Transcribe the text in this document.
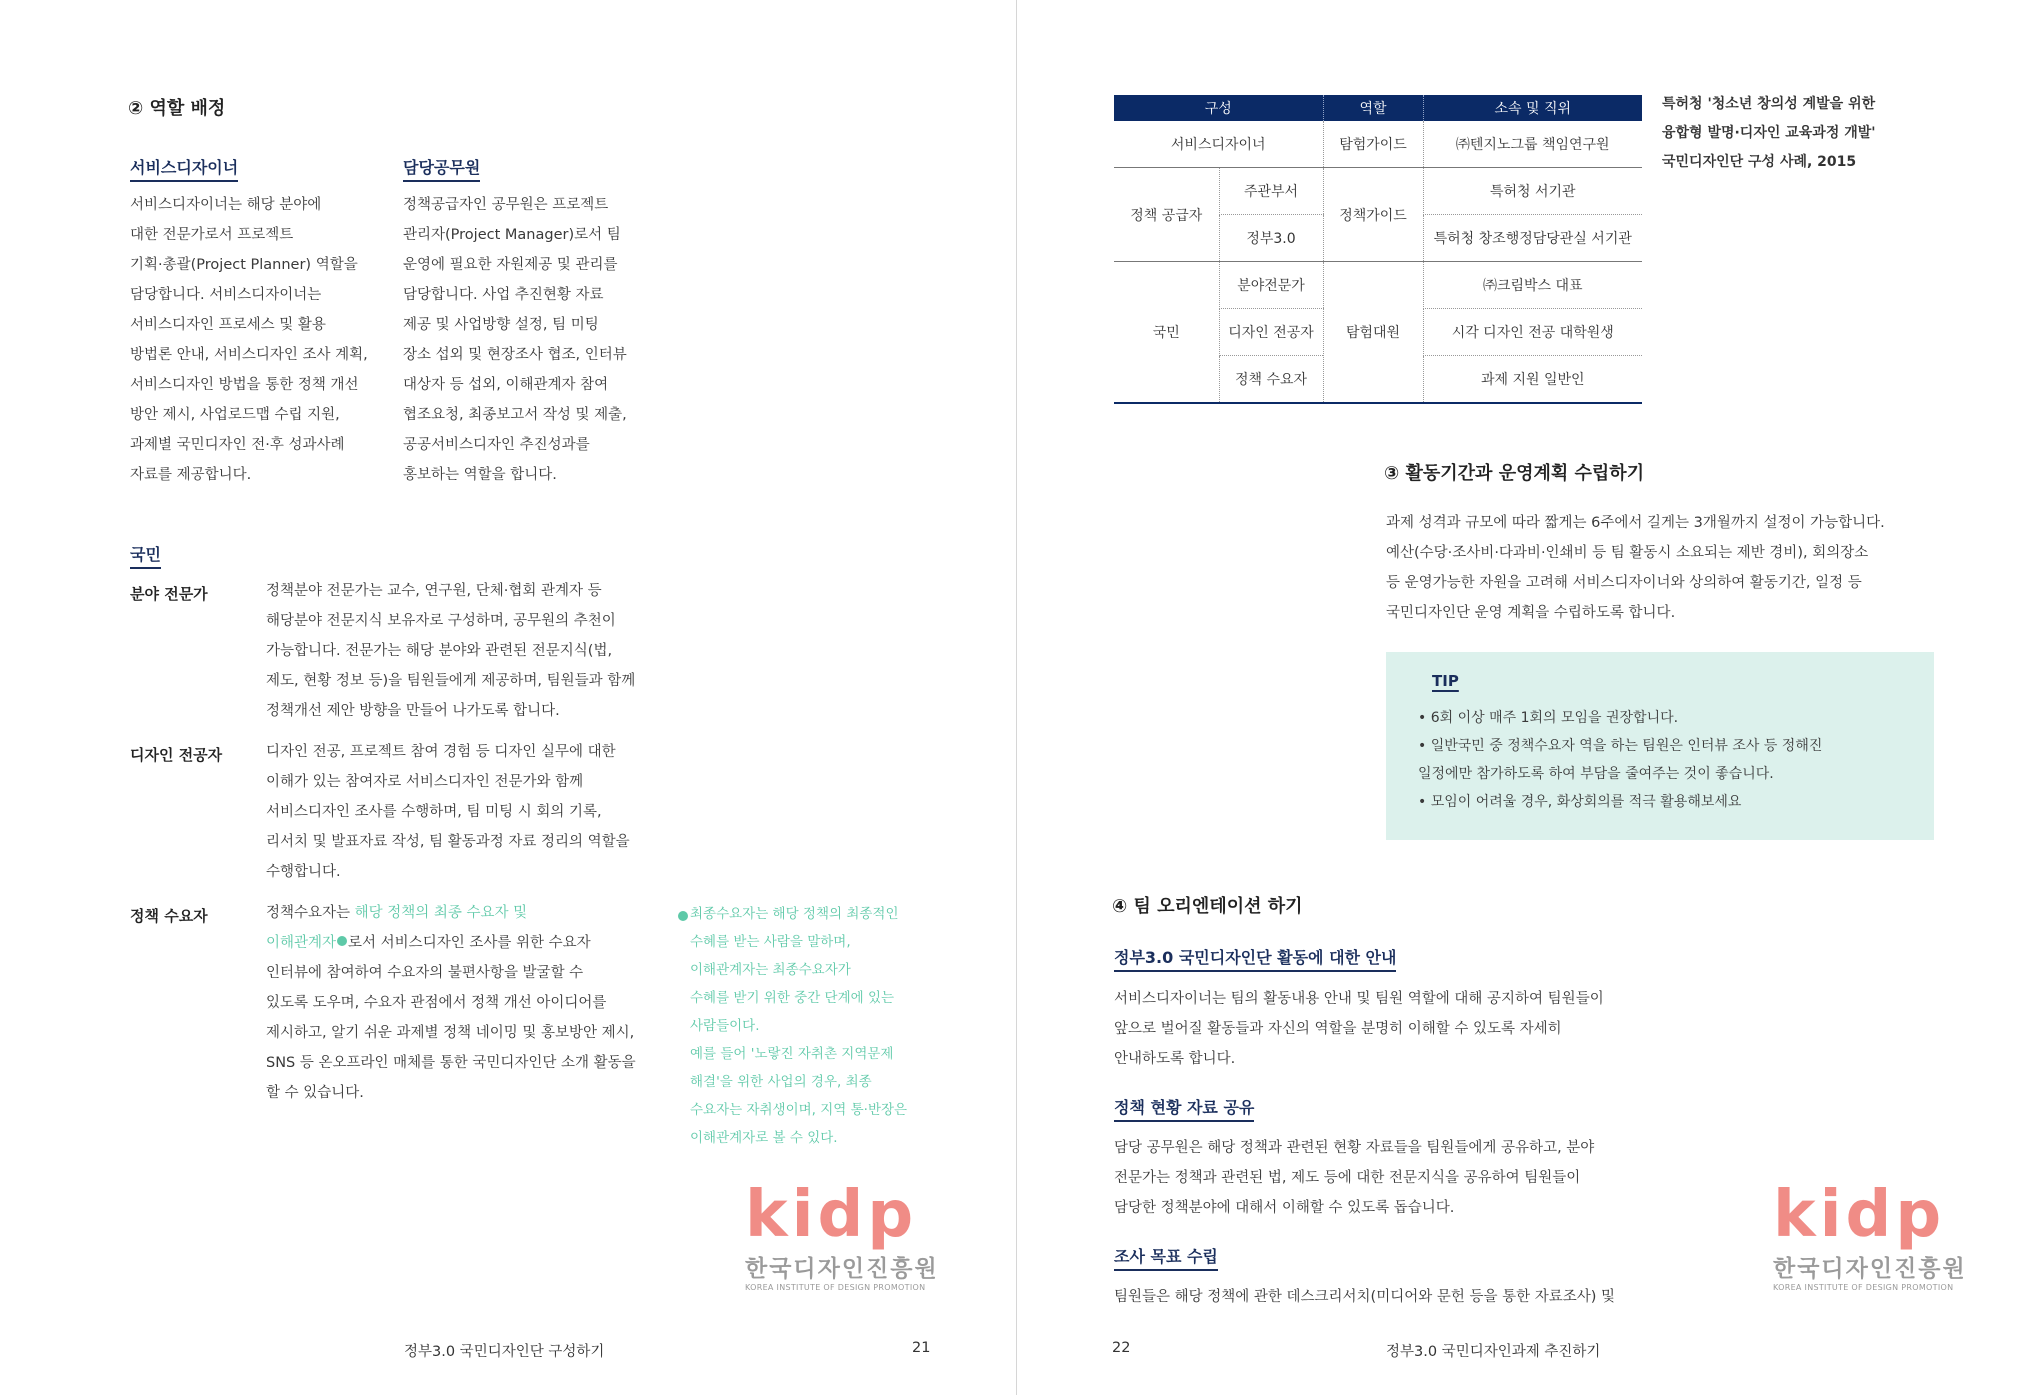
② 역할 배정
서비스디자이너
서비스디자이너는 해당 분야에
대한 전문가로서 프로젝트
기획·총괄(Project Planner) 역할을
담당합니다. 서비스디자이너는
서비스디자인 프로세스 및 활용
방법론 안내, 서비스디자인 조사 계획,
서비스디자인 방법을 통한 정책 개선
방안 제시, 사업로드맵 수립 지원,
과제별 국민디자인 전·후 성과사례
자료를 제공합니다.
담당공무원
정책공급자인 공무원은 프로젝트
관리자(Project Manager)로서 팀
운영에 필요한 자원제공 및 관리를
담당합니다. 사업 추진현황 자료
제공 및 사업방향 설정, 팀 미팅
장소 섭외 및 현장조사 협조, 인터뷰
대상자 등 섭외, 이해관계자 참여
협조요청, 최종보고서 작성 및 제출,
공공서비스디자인 추진성과를
홍보하는 역할을 합니다.
국민
분야 전문가	정책분야 전문가는 교수, 연구원, 단체·협회 관계자 등
해당분야 전문지식 보유자로 구성하며, 공무원의 추천이
가능합니다. 전문가는 해당 분야와 관련된 전문지식(법,
제도, 현황 정보 등)을 팀원들에게 제공하며, 팀원들과 함께
정책개선 제안 방향을 만들어 나가도록 합니다.
디자인 전공자	디자인 전공, 프로젝트 참여 경험 등 디자인 실무에 대한
이해가 있는 참여자로 서비스디자인 전문가와 함께
서비스디자인 조사를 수행하며, 팀 미팅 시 회의 기록,
리서치 및 발표자료 작성, 팀 활동과정 자료 정리의 역할을
수행합니다.
정책 수요자	정책수요자는 해당 정책의 최종 수요자 및
이해관계자 로서 서비스디자인 조사를 위한 수요자
인터뷰에 참여하여 수요자의 불편사항을 발굴할 수
있도록 도우며, 수요자 관점에서 정책 개선 아이디어를
제시하고, 알기 쉬운 과제별 정책 네이밍 및 홍보방안 제시,
SNS 등 온오프라인 매체를 통한 국민디자인단 소개 활동을
할 수 있습니다.
최종수요자는 해당 정책의 최종적인
수혜를 받는 사람을 말하며,
이해관계자는 최종수요자가
수혜를 받기 위한 중간 단계에 있는
사람들이다.
예를 들어 '노랗진 자취촌 지역문제
해결'을 위한 사업의 경우, 최종
수요자는 자취생이며, 지역 통·반장은
이해관계자로 볼 수 있다.
kidp
한국디자인진흥원
KOREA INSTITUTE OF DESIGN PROMOTION
정부3.0 국민디자인단 구성하기	21
구성		역할	소속 및 직위
서비스디자이너		탐험가이드	㈜텐지노그룹 책임연구원
정책 공급자	주관부서	정책가이드	특허청 서기관
	정부3.0		특허청 창조행정담당관실 서기관
국민	분야전문가	탐험대원	㈜크림박스 대표
	디자인 전공자		시각 디자인 전공 대학원생
	정책 수요자		과제 지원 일반인
특허청 '청소년 창의성 계발을 위한
융합형 발명·디자인 교육과정 개발'
국민디자인단 구성 사례, 2015
③ 활동기간과 운영계획 수립하기
과제 성격과 규모에 따라 짧게는 6주에서 길게는 3개월까지 설정이 가능합니다.
예산(수당·조사비·다과비·인쇄비 등 팀 활동시 소요되는 제반 경비), 회의장소
등 운영가능한 자원을 고려해 서비스디자이너와 상의하여 활동기간, 일정 등
국민디자인단 운영 계획을 수립하도록 합니다.
TIP
• 6회 이상 매주 1회의 모임을 권장합니다.
• 일반국민 중 정책수요자 역을 하는 팀원은 인터뷰 조사 등 정해진
일정에만 참가하도록 하여 부담을 줄여주는 것이 좋습니다.
• 모임이 어려울 경우, 화상회의를 적극 활용해보세요
④ 팀 오리엔테이션 하기
정부3.0 국민디자인단 활동에 대한 안내
서비스디자이너는 팀의 활동내용 안내 및 팀원 역할에 대해 공지하여 팀원들이
앞으로 벌어질 활동들과 자신의 역할을 분명히 이해할 수 있도록 자세히
안내하도록 합니다.
정책 현황 자료 공유
담당 공무원은 해당 정책과 관련된 현황 자료들을 팀원들에게 공유하고, 분야
전문가는 정책과 관련된 법, 제도 등에 대한 전문지식을 공유하여 팀원들이
담당한 정책분야에 대해서 이해할 수 있도록 돕습니다.
조사 목표 수립
팀원들은 해당 정책에 관한 데스크리서치(미디어와 문헌 등을 통한 자료조사) 및
kidp
한국디자인진흥원
KOREA INSTITUTE OF DESIGN PROMOTION
22	정부3.0 국민디자인과제 추진하기
